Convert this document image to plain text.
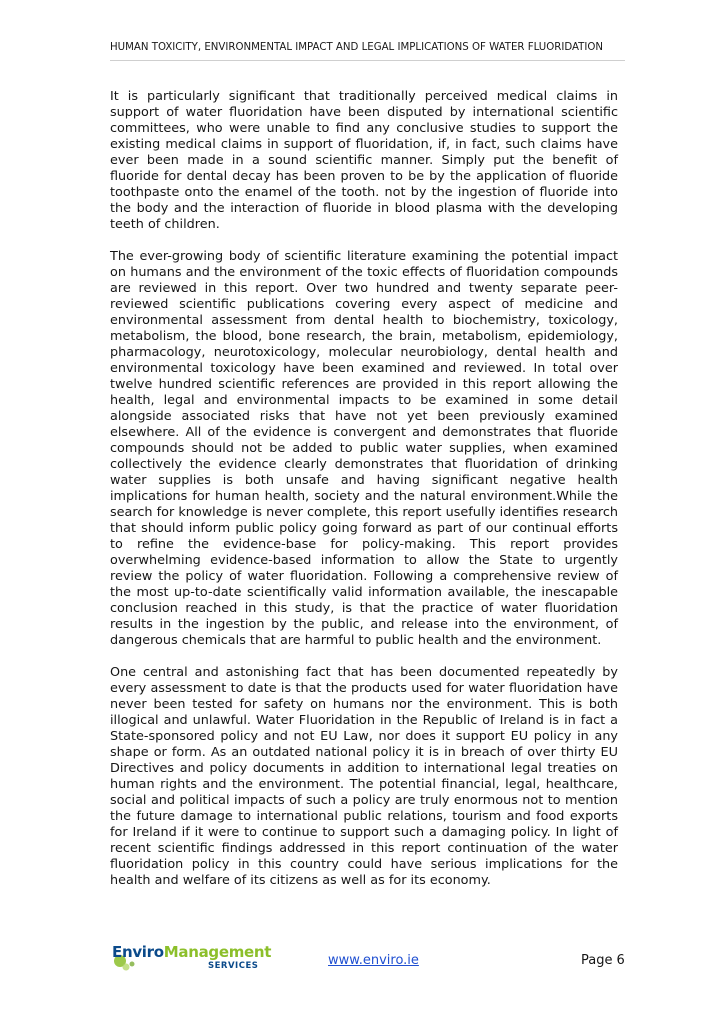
HUMAN TOXICITY, ENVIRONMENTAL IMPACT AND LEGAL IMPLICATIONS OF WATER FLUORIDATION

It is particularly significant that traditionally perceived medical claims in support of water fluoridation have been disputed by international scientific committees, who were unable to find any conclusive studies to support the existing medical claims in support of fluoridation, if, in fact, such claims have ever been made in a sound scientific manner. Simply put the benefit of fluoride for dental decay has been proven to be by the application of fluoride toothpaste onto the enamel of the tooth. not by the ingestion of fluoride into the body and the interaction of fluoride in blood plasma with the developing teeth of children.

The ever-growing body of scientific literature examining the potential impact on humans and the environment of the toxic effects of fluoridation compounds are reviewed in this report. Over two hundred and twenty separate peer-reviewed scientific publications covering every aspect of medicine and environmental assessment from dental health to biochemistry, toxicology, metabolism, the blood, bone research, the brain, metabolism, epidemiology, pharmacology, neurotoxicology, molecular neurobiology, dental health and environmental toxicology have been examined and reviewed. In total over twelve hundred scientific references are provided in this report allowing the health, legal and environmental impacts to be examined in some detail alongside associated risks that have not yet been previously examined elsewhere. All of the evidence is convergent and demonstrates that fluoride compounds should not be added to public water supplies, when examined collectively the evidence clearly demonstrates that fluoridation of drinking water supplies is both unsafe and having significant negative health implications for human health, society and the natural environment.While the search for knowledge is never complete, this report usefully identifies research that should inform public policy going forward as part of our continual efforts to refine the evidence-base for policy-making. This report provides overwhelming evidence-based information to allow the State to urgently review the policy of water fluoridation. Following a comprehensive review of the most up-to-date scientifically valid information available, the inescapable conclusion reached in this study, is that the practice of water fluoridation results in the ingestion by the public, and release into the environment, of dangerous chemicals that are harmful to public health and the environment.

One central and astonishing fact that has been documented repeatedly by every assessment to date is that the products used for water fluoridation have never been tested for safety on humans nor the environment. This is both illogical and unlawful. Water Fluoridation in the Republic of Ireland is in fact a State-sponsored policy and not EU Law, nor does it support EU policy in any shape or form. As an outdated national policy it is in breach of over thirty EU Directives and policy documents in addition to international legal treaties on human rights and the environment. The potential financial, legal, healthcare, social and political impacts of such a policy are truly enormous not to mention the future damage to international public relations, tourism and food exports for Ireland if it were to continue to support such a damaging policy. In light of recent scientific findings addressed in this report continuation of the water fluoridation policy in this country could have serious implications for the health and welfare of its citizens as well as for its economy.

EnviroManagement
SERVICES	www.enviro.ie	Page 6
